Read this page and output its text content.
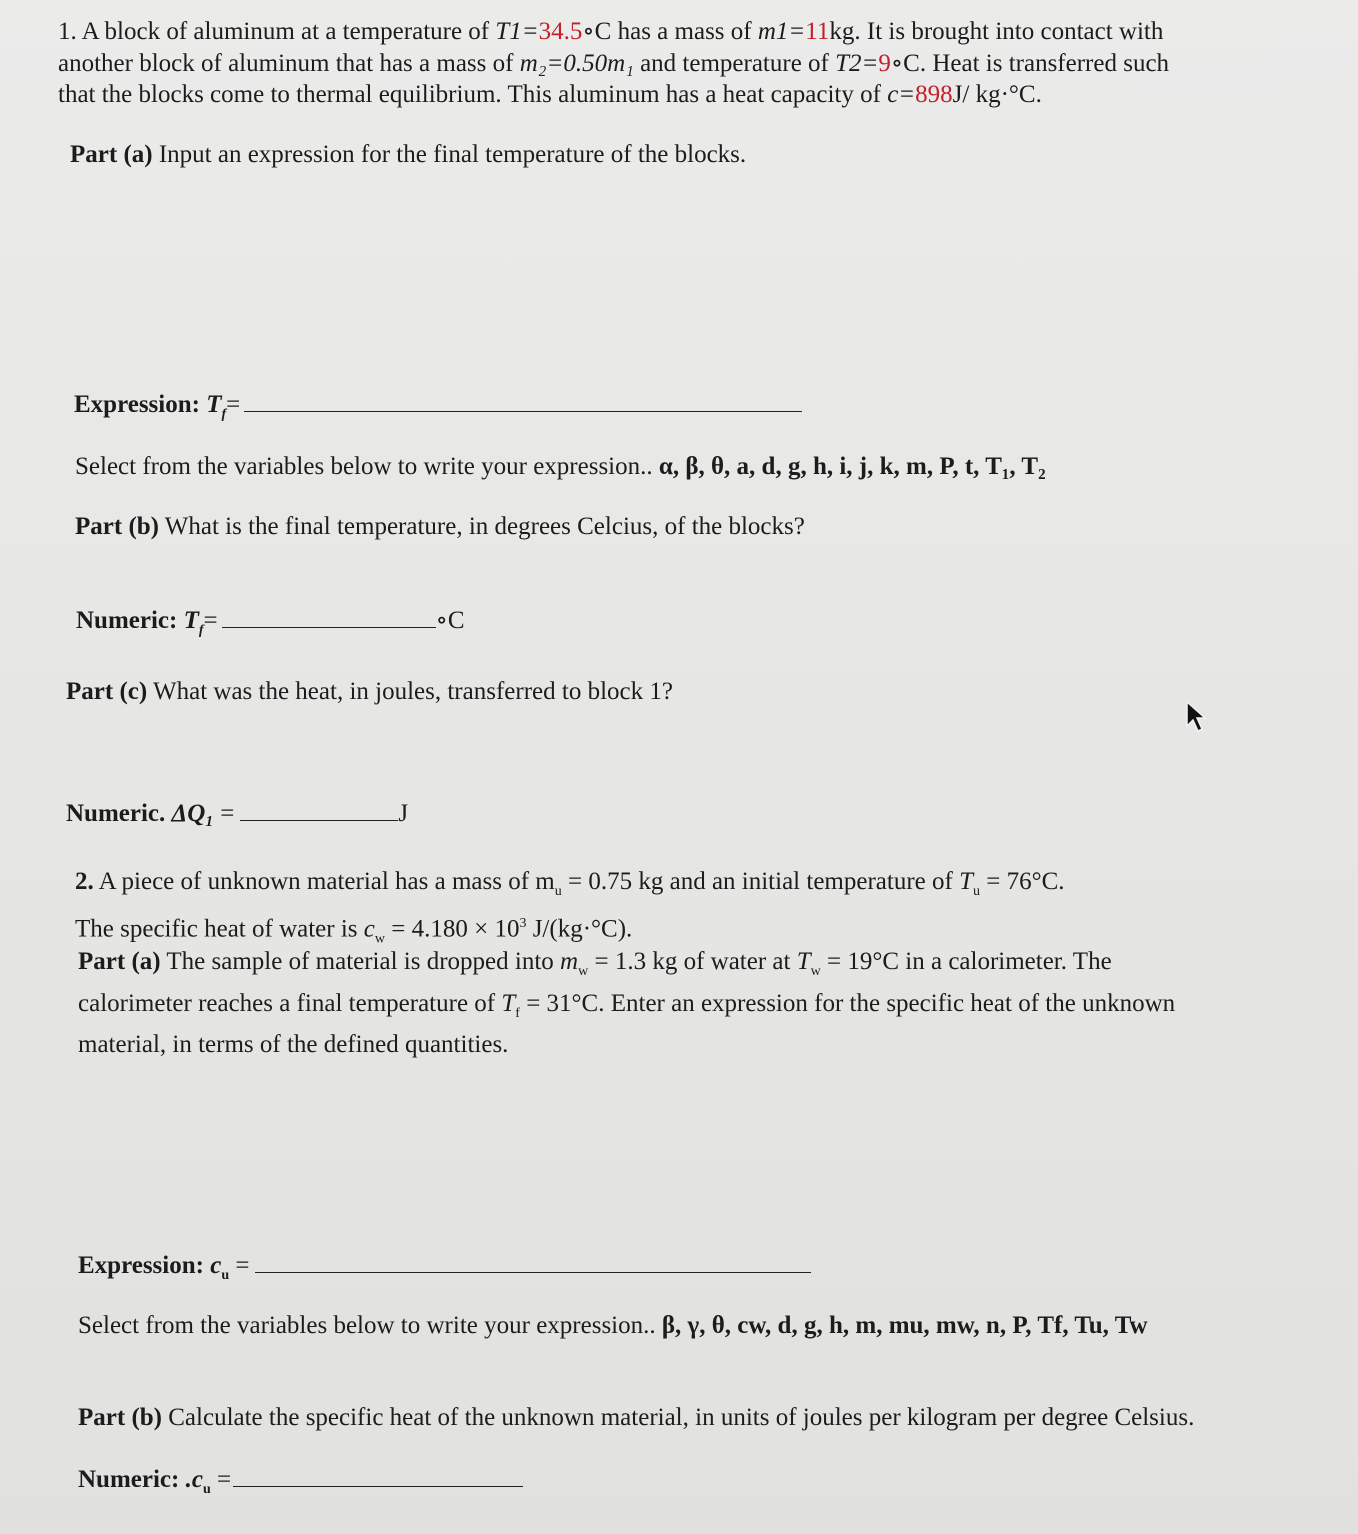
1. A block of aluminum at a temperature of T1=34.5∘C has a mass of m1=11kg. It is brought into contact with
another block of aluminum that has a mass of m₂=0.50m₁ and temperature of T2=9∘C. Heat is transferred such
that the blocks come to thermal equilibrium. This aluminum has a heat capacity of c=898J/ kg·°C.
Part (a) Input an expression for the final temperature of the blocks.
Expression: $T_f=$
Select from the variables below to write your expression.. α, β, θ, a, d, g, h, i, j, k, m, P, t, T₁, T₂
Part (b) What is the final temperature, in degrees Celcius, of the blocks?
Numeric: $T_f=$	∘C
Part (c) What was the heat, in joules, transferred to block 1?
Numeric. ΔQ₁ =	J
2. A piece of unknown material has a mass of $m_u = 0.75$ kg and an initial temperature of $T_u = 76^\circ C$.
The specific heat of water is $c_w = 4.180 \times 10^3$ J/(kg·°C).
Part (a) The sample of material is dropped into $m_w = 1.3$ kg of water at $T_w = 19^\circ C$ in a calorimeter. The
calorimeter reaches a final temperature of $T_f = 31^\circ C$. Enter an expression for the specific heat of the unknown
material, in terms of the defined quantities.
Expression: $c_u$ =
Select from the variables below to write your expression.. β, γ, θ, cw, d, g, h, m, mu, mw, n, P, Tf, Tu, Tw
Part (b) Calculate the specific heat of the unknown material, in units of joules per kilogram per degree Celsius.
Numeric: $.c_u$ =
